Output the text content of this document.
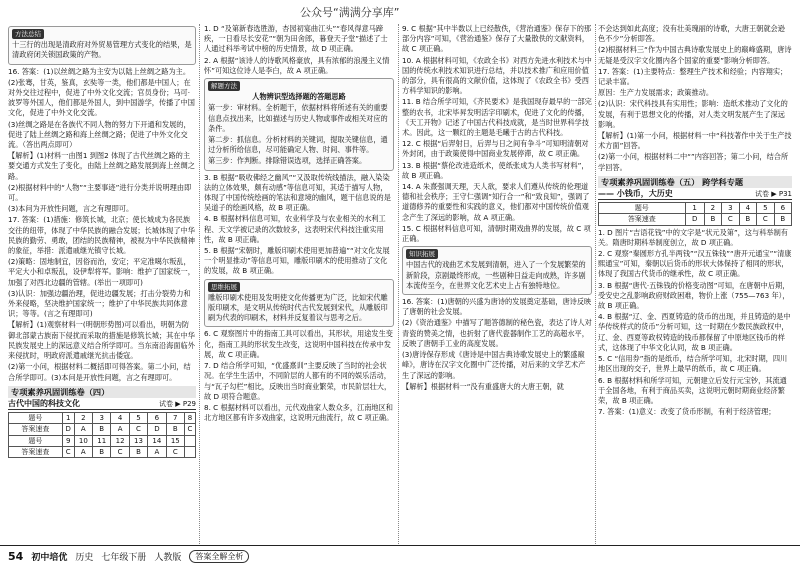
公众号“满满分享库”
方法总结

十三行的出现是清政府对外贸易管理方式变化的结果，是清政府闭关锁国政策的产物。

16. 答案：(1)以丝绸之路为主安为以陆上丝绸之路为主。

(2)张骞，甘英，鉴真，玄奘等一类，他们都是中国人；在对外交往过程中，促进了中外文化交流；官员身份；马可·波罗等外国人，他们都是外国人，到中国游学，传播了中国文化，促进了中外文化交流。

(3)丝绸之路是在各族代不同人物的努力下开通和发展的，促进了陆上丝绸之路和海上丝绸之路；促进了中外文化交流。（答出两点即可）

【解析】(1)材料一由图1 到图2 体现了古代丝绸之路的主要交通方式发生了变化，由陆上丝绸之路发展到海上丝绸之路。

(2)根据材料中的“人物”“主要事迹”进行分类并说明理由即可。

(3)本问为开放性问题，言之有理即可。

17. 答案：(1)措施：修筑长城，北京；使长城成为各民族交往的纽带，体现了中华民族的融合发展；长城体现了中华民族的勤劳、勇敢，团结的民族精神，被视为中华民族精神的象征，举措：派遣戚继光镇守长城。

(2)策略：固地制宜，因俗而治，安定；平定准噶尔叛乱，平定大小和卓叛乱，设伊犁将军。影响：维护了国家统一，加强了对西北边疆的管辖。(举出一项即可)

(3)认识：加强边疆治理，促进边疆发展；打击分裂势力和外来侵略，坚决维护国家统一；维护了中华民族共同体意识；等等。(言之有理即可)

【解析】(1)观察材料一(明朝形势图)可以看出，明朝为防御北部蒙古族南下侵扰而采取的措施是修筑长城；其在中华民族发展史上的深远意义结合所学即可。当东南沿海面临外来侵扰时，明政府派遣戚继光抗击倭寇。

(2)第一小问，根据材料二概括即可得答案。第二小问，结合所学即可。(3)本问是开放性问题，言之有理即可。

专项素养巩固训练卷（四）
古代中国的科技文化	试卷 ▶ P29
题号	1	2	3	4	5	6	7	8
答案速查	D	A	B	A	C	D	B	C
题号	9	10	11	12	13	14	15	
答案速查	C	A	B	C	B	A	C	

1. D “及第新春选胜游，杏园初宴曲江头”“春风得意马蹄疾，一日看尽长安花”“朝为田舍郎，暮登天子堂”描述了士人通过科举考试中榜的历史情景，故 D 项正确。

2. A 根据“该诗人的诗歌风格豪放，具有浓郁的浪漫主义情怀”可知这位诗人是李白，故 A 项正确。

解题方法

人物辨识型选择题的答题思路

第一步：审材料。全析题干，依据材料将所述有关的重要信息点找出来，比如描述与历史人物或事件或相关对应的条件。

第二步：抓信息。分析材料的关键词，提取关键信息，通过分析所给信息，尽可能确定人物、时间、事件等。

第三步：作判断。排除错误选项，选择正确答案。

3. B 根据“吸收佛经之幽风”“又汲取传统线描法，融入染染法的立体效果，颇有动感”等信息可知，其适于描写人物，体现了中国传统绘画的笔法和意境的幽风，题干信息说的是吴道子的绘画风格，故 B 项正确。

4. B 根据材料信息可知，农业科学及与农业相关的水利工程、天文学被记录的次数较多，这表明宋代科技注重实用性，故 B 项正确。

5. B 根据“宋朝时，雕版印刷术使用更加普遍”“对文化发展一个明显推动”等信息可知，雕版印刷术的使用推动了文化的发展，故 B 项正确。

思维拓展

雕版印刷术使用及发明使文化传播更为广泛，比如宋代雕版印刷术，是文明从传统时代古代发展到宋代，从雕版印刷为代表的印刷术，材料并反复着议与思考之后。

6. C 观察图片中的指南工具可以看出，其形状，用途发生变化，指南工具的形状发生改变，这说明中国科技在传承中发展，故 C 项正确。

7. D 结合所学可知，“优盛熹训”主要反映了当时的社会状况。在学生生活中，不同阶层的人都有的不同的娱乐活动，与“瓦子勾栏”相比，反映出当时商业繁荣，市民阶层壮大，故 D 项符合题意。

8. C 根据材料可以看出，元代戏曲家人数众多，江南地区和北方地区都有许多戏曲家，这说明元曲流行，故 C 项正确。

9. C 根据“其中半数以上已经散佚，《营治通鉴》保存下的那部分内容”可知，《营治通鉴》保存了大量散佚的文献资料，故 C 项正确。

10. A 根据材料可知，《农政全书》对西方先进水利技术与中国的传统水利技术知识进行总结，并以技术推广和应用价值的部分，具有很高的文献价值，这体现了《农政全书》受西方科学知识的影响。

11. B 结合所学可知，《齐民要术》是我国现存最早的一部完整的农书，北宋毕昇发明活字印刷术，促进了文化的传播，《天工开物》记述了中国古代科技成就，是当时世界科学技术。因此，这一颗红的主题是毛曦于古的古代科技。

12. C 根据“后羿射日，后羿与日之间有争斗”可知明清朝对外封闭，由于政策使得中国商业发展停滞，故 C 项正确。

13. B 根据“蔡伦改进造纸术，使纸张成为人类书写材料”，故 B 项正确。

14. A 朱熹强调天理，天人欲，要求人们遵从传统的伦理道德和社会秩序；王守仁强调“知行合一”和“致良知”，强调了道德修养的重要性和实践的意义，他们都对中国传统价值观念产生了深远的影响，故 A 项正确。

15. C 根据材料信息可知，清朝时期戏曲界的发展，故 C 项正确。

知识拓展

中国古代的戏曲艺术发展到清朝，进入了一个发展繁荣的新阶段，京剧最终形成，一些剧种日益走向成熟，许多剧本流传至今，在世界文化艺术史上占有独特地位。

16. 答案：(1)唐朝的兴盛为唐诗的发展奠定基础，唐诗反映了唐朝的社会发展。

(2)《资治通鉴》中描写了题答德制的秘色瓷，表达了诗人对青瓷的赞美之情，也折射了唐代瓷器制作工艺的高超水平，反映了唐朝手工业的高度发展。

(3)唐诗保存形成《唐诗是中国古典诗歌发展史上的繁盛巅峰》，唐诗在汉字文化圈中广泛传播，对后来的文学艺术产生了深远的影响。

【解析】根据材料一“没有重盛唐大的大唐王朝，就

不会达到如此高度；没有壮美瑰丽的诗歌，大唐王朝就会逊色不少”分析即答。

(2)根据材料三“作为中国古典诗歌发展史上的巅峰盛期，唐诗无疑是受汉字文化圈内各个国家的重要”影响分析即答。

17. 答案：(1)主要特点：整理生产技术和经验；内容翔实；记录丰富。

原因：生产力发展需求；政策推动。

(2)认识：宋代科技具有实用性；影响：造纸术推动了文化的发展，有利于思想文化的传播，对人类文明发展产生了深远影响。

【解析】(1)第一小问，根据材料一中“科技著作中关于生产技术方面”回答。

(2)第一小问，根据材料二中“”内容回答；第二小问，结合所学回答。

专项素养巩固训练卷（五） 跨学科专题
—— 小钱币，大历史	试卷 ▶ P31
题号	1	2	3	4	5	6
答案速查	D	B	C	B	C	B

1. D 图片“吉语花钱”中的文字是“状元及第”，这与科举制有关。隋唐时期科举制度创立，故 D 项正确。

2. C 观察“秦圆形方孔半两钱”“汉五铢钱”“唐开元通宝”“清康熙通宝”可知，秦朝以后货币的形状大体保持了相同的形状，体现了我国古代货币的继承性，故 C 项正确。

3. B 根据“唐代·五铢钱的价格变动图”可知，在唐朝中后期，受安史之乱影响政府财政困难，物价上涨（755—763 年），故 B 项正确。

4. B 根据“辽、金、西夏铸造的货币的出现，并且铸造的是中华传统样式的货币”分析可知，这一时期在少数民族政权中，辽、金、西夏等政权铸造的钱币都保留了中原地区钱币的样式，这体现了中华文化认同，故 B 项正确。

5. C “信用券”指的是纸币，结合所学可知，北宋时期，四川地区出现的交子，世界上最早的纸币，故 C 项正确。

6. B 根据材料和所学可知，元朝建立后发行元宝钞，其流通于全国各地，有利于商品买卖，这说明元朝时期商业经济繁荣，故 B 项正确。

7. 答案：(1)意义：改变了货币形制，有利于经济管理；

54 初中培优 历史 七年级下册 人教版	答案全解全析
